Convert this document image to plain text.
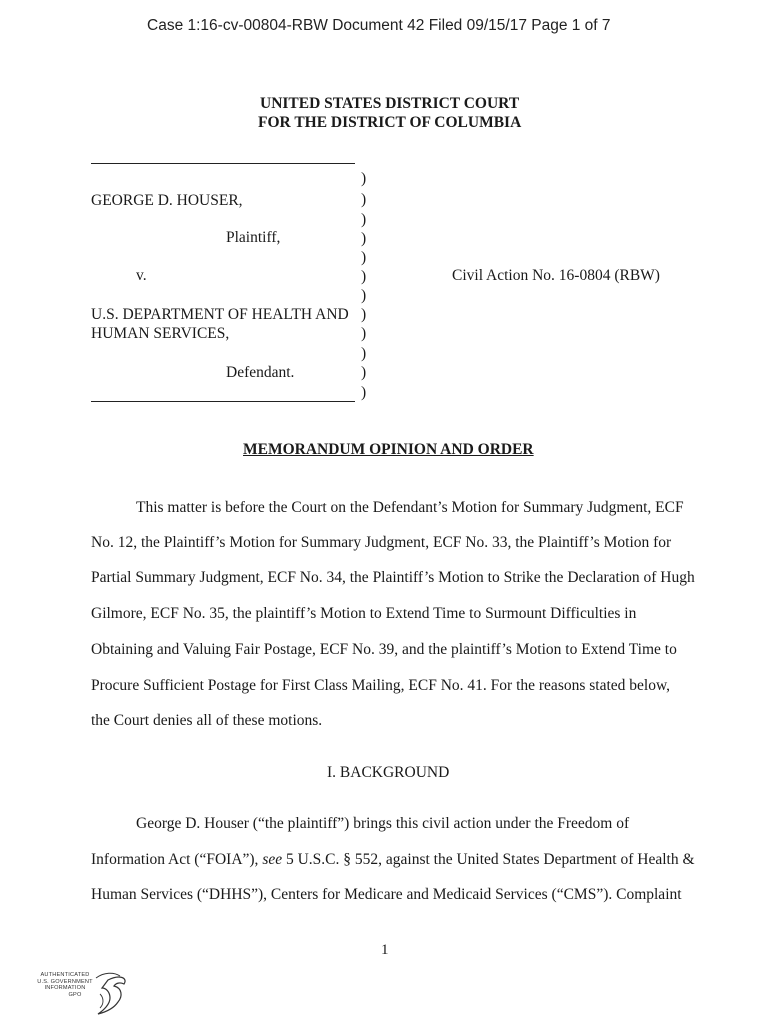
Case 1:16-cv-00804-RBW Document 42 Filed 09/15/17 Page 1 of 7
UNITED STATES DISTRICT COURT
FOR THE DISTRICT OF COLUMBIA
GEORGE D. HOUSER,
Plaintiff,
v.
U.S. DEPARTMENT OF HEALTH AND
HUMAN SERVICES,
Defendant.
Civil Action No. 16-0804 (RBW)
)
)
)
)
)
)
)
)
)
)
)
)
MEMORANDUM OPINION AND ORDER
This matter is before the Court on the Defendant’s Motion for Summary Judgment, ECF
No. 12, the Plaintiff’s Motion for Summary Judgment, ECF No. 33, the Plaintiff’s Motion for
Partial Summary Judgment, ECF No. 34, the Plaintiff’s Motion to Strike the Declaration of Hugh
Gilmore, ECF No. 35, the plaintiff’s Motion to Extend Time to Surmount Difficulties in
Obtaining and Valuing Fair Postage, ECF No. 39, and the plaintiff’s Motion to Extend Time to
Procure Sufficient Postage for First Class Mailing, ECF No. 41. For the reasons stated below,
the Court denies all of these motions.
I. BACKGROUND
George D. Houser (“the plaintiff”) brings this civil action under the Freedom of
Information Act (“FOIA”), see 5 U.S.C. § 552, against the United States Department of Health &
Human Services (“DHHS”), Centers for Medicare and Medicaid Services (“CMS”). Complaint
1
AUTHENTICATED
U.S. GOVERNMENT
INFORMATION
GPO
